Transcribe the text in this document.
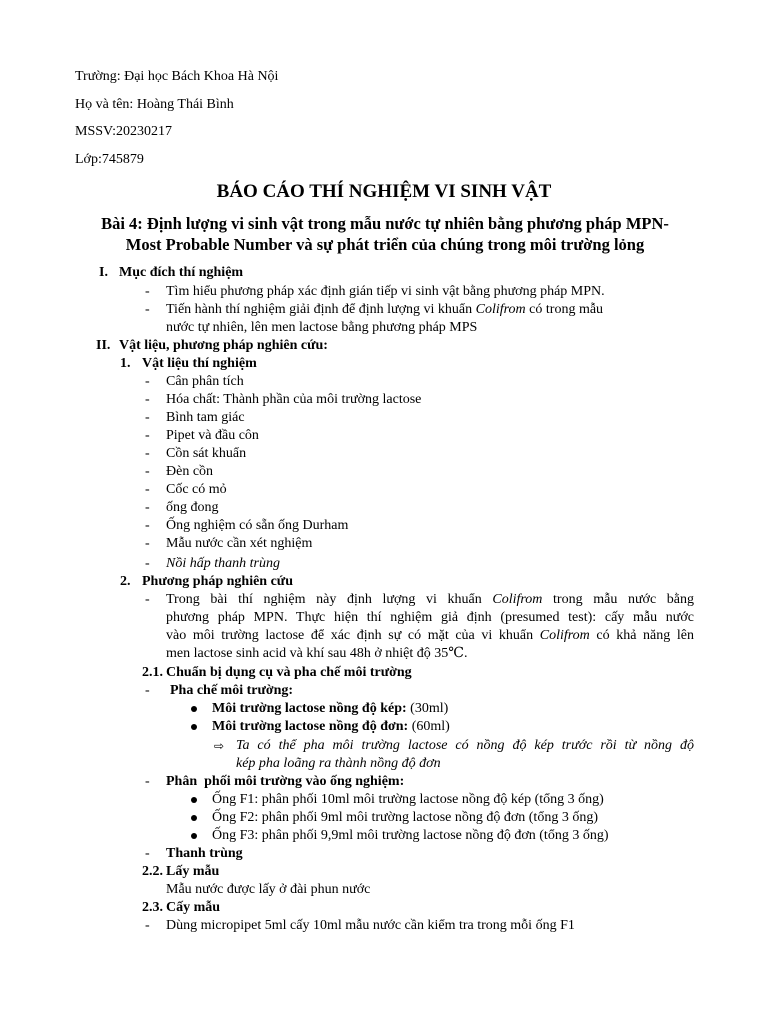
Trường: Đại học Bách Khoa Hà Nội
Họ và tên: Hoàng Thái Bình
MSSV:20230217
Lớp:745879
BÁO CÁO THÍ NGHIỆM VI SINH VẬT
Bài 4: Định lượng vi sinh vật trong mẫu nước tự nhiên bằng phương pháp MPN-
Most Probable Number và sự phát triển của chúng trong môi trường lỏng
I. Mục đích thí nghiệm
- Tìm hiểu phương pháp xác định gián tiếp vi sinh vật bằng phương pháp MPN.
- Tiến hành thí nghiệm giải định để định lượng vi khuẩn Colifrom có trong mẫu
nước tự nhiên, lên men lactose bằng phương pháp MPS
II. Vật liệu, phương pháp nghiên cứu:
1. Vật liệu thí nghiệm
- Cân phân tích
- Hóa chất: Thành phần của môi trường lactose
- Bình tam giác
- Pipet và đầu côn
- Cồn sát khuẩn
- Đèn cồn
- Cốc có mỏ
- ống đong
- Ống nghiệm có sẵn ống Durham
- Mẫu nước cần xét nghiệm
- Nồi hấp thanh trùng
2. Phương pháp nghiên cứu
- Trong bài thí nghiệm này định lượng vi khuẩn Colifrom trong mẫu nước bằng
phương pháp MPN. Thực hiện thí nghiệm giả định (presumed test): cấy mẫu nước
vào môi trường lactose để xác định sự có mặt của vi khuẩn Colifrom có khả năng lên
men lactose sinh acid và khí sau 48h ở nhiệt độ 35℃.
2.1. Chuẩn bị dụng cụ và pha chế môi trường
- Pha chế môi trường:
Môi trường lactose nồng độ kép: (30ml)
Môi trường lactose nồng độ đơn: (60ml)
⇨ Ta có thể pha môi trường lactose có nồng độ kép trước rồi từ nồng độ
kép pha loãng ra thành nồng độ đơn
- Phân  phối môi trường vào ống nghiệm:
Ống F1: phân phối 10ml môi trường lactose nồng độ kép (tổng 3 ống)
Ống F2: phân phối 9ml môi trường lactose nồng độ đơn (tổng 3 ống)
Ống F3: phân phối 9,9ml môi trường lactose nồng độ đơn (tổng 3 ống)
- Thanh trùng
2.2. Lấy mẫu
Mẫu nước được lấy ở đài phun nước
2.3. Cấy mẫu
- Dùng micropipet 5ml cấy 10ml mẫu nước cần kiểm tra trong mỗi ống F1
